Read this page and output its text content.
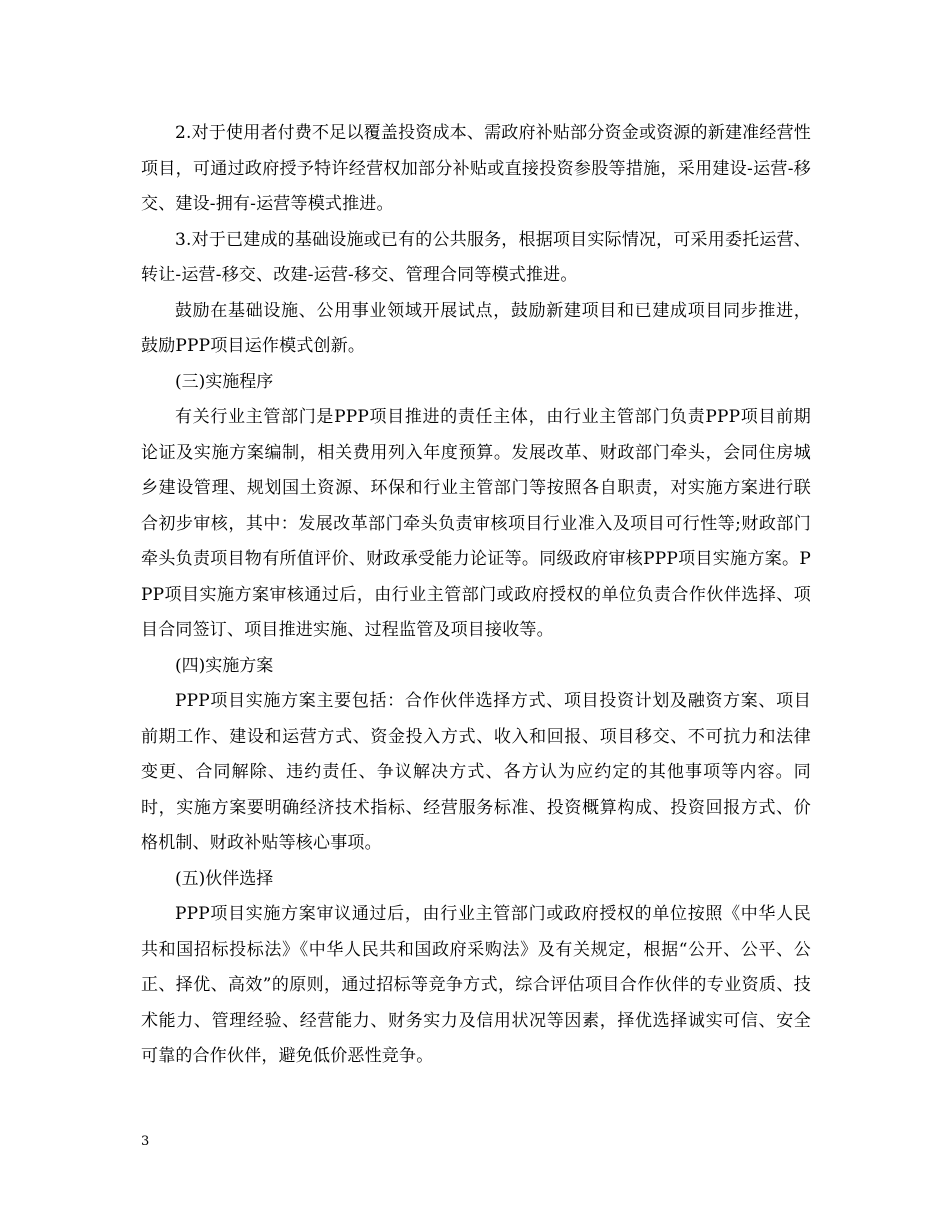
2.对于使用者付费不足以覆盖投资成本、需政府补贴部分资金或资源的新建准经营性项目，可通过政府授予特许经营权加部分补贴或直接投资参股等措施，采用建设-运营-移交、建设-拥有-运营等模式推进。

3.对于已建成的基础设施或已有的公共服务，根据项目实际情况，可采用委托运营、转让-运营-移交、改建-运营-移交、管理合同等模式推进。

鼓励在基础设施、公用事业领域开展试点，鼓励新建项目和已建成项目同步推进，鼓励PPP项目运作模式创新。

(三)实施程序

有关行业主管部门是PPP项目推进的责任主体，由行业主管部门负责PPP项目前期论证及实施方案编制，相关费用列入年度预算。发展改革、财政部门牵头，会同住房城乡建设管理、规划国土资源、环保和行业主管部门等按照各自职责，对实施方案进行联合初步审核，其中：发展改革部门牵头负责审核项目行业准入及项目可行性等;财政部门牵头负责项目物有所值评价、财政承受能力论证等。同级政府审核PPP项目实施方案。PPP项目实施方案审核通过后，由行业主管部门或政府授权的单位负责合作伙伴选择、项目合同签订、项目推进实施、过程监管及项目接收等。

(四)实施方案

PPP项目实施方案主要包括：合作伙伴选择方式、项目投资计划及融资方案、项目前期工作、建设和运营方式、资金投入方式、收入和回报、项目移交、不可抗力和法律变更、合同解除、违约责任、争议解决方式、各方认为应约定的其他事项等内容。同时，实施方案要明确经济技术指标、经营服务标准、投资概算构成、投资回报方式、价格机制、财政补贴等核心事项。

(五)伙伴选择

PPP项目实施方案审议通过后，由行业主管部门或政府授权的单位按照《中华人民共和国招标投标法》《中华人民共和国政府采购法》及有关规定，根据“公开、公平、公正、择优、高效”的原则，通过招标等竞争方式，综合评估项目合作伙伴的专业资质、技术能力、管理经验、经营能力、财务实力及信用状况等因素，择优选择诚实可信、安全可靠的合作伙伴，避免低价恶性竞争。

3
